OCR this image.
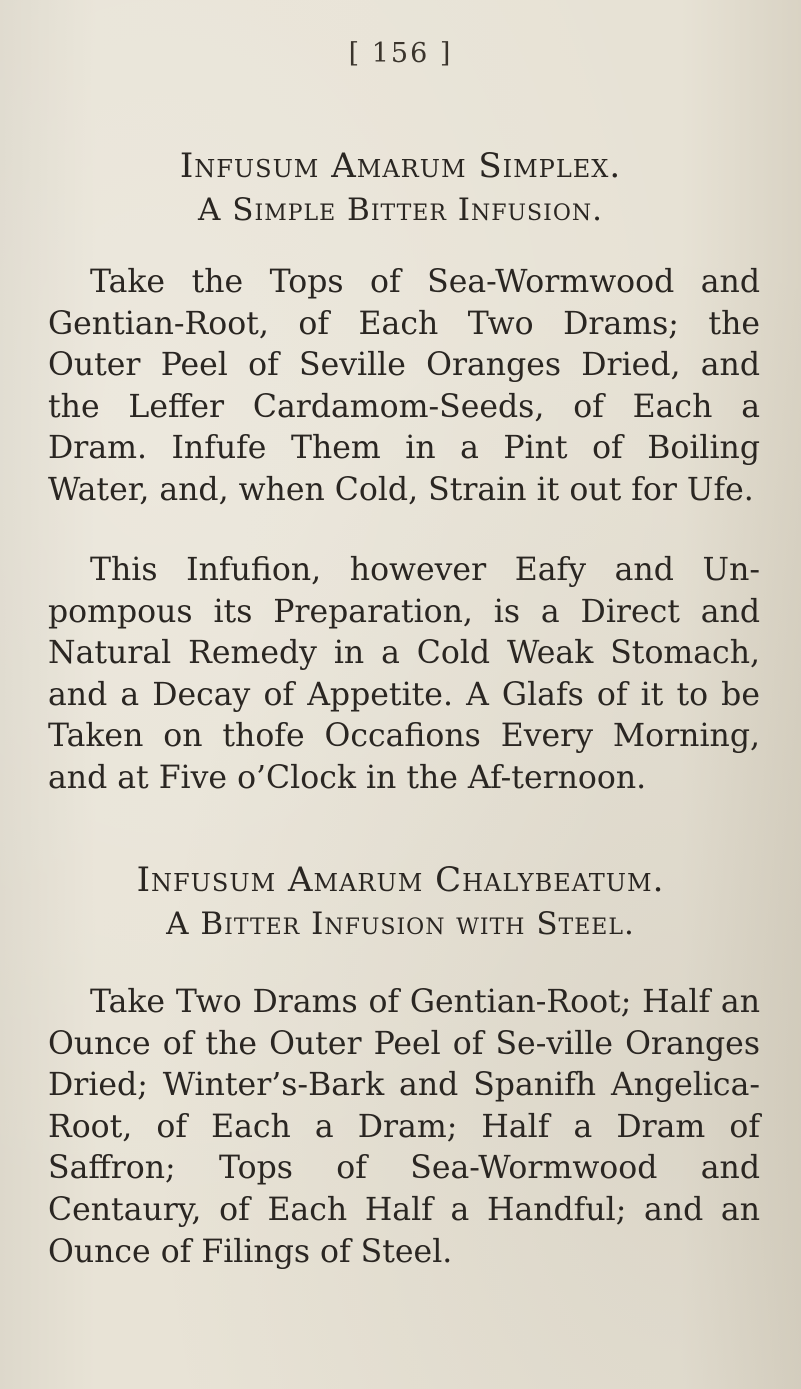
[ 156 ]
Infusum Amarum Simplex.
A Simple Bitter Infusion.

Take the Tops of Sea-Wormwood and Gentian-Root, of Each Two Drams; the Outer Peel of Seville Oranges Dried, and the Leffer Cardamom-Seeds, of Each a Dram. Infufe Them in a Pint of Boiling Water, and, when Cold, Strain it out for Ufe.

This Infufion, however Eafy and Un-pompous its Preparation, is a Direct and Natural Remedy in a Cold Weak Stomach, and a Decay of Appetite. A Glafs of it to be Taken on thofe Occafions Every Morning, and at Five o’Clock in the Af-ternoon.

Infusum Amarum Chalybeatum.
A Bitter Infusion with Steel.

Take Two Drams of Gentian-Root; Half an Ounce of the Outer Peel of Se-ville Oranges Dried; Winter’s-Bark and Spanifh Angelica-Root, of Each a Dram; Half a Dram of Saffron; Tops of Sea-Wormwood and Centaury, of Each Half a Handful; and an Ounce of Filings of Steel.
